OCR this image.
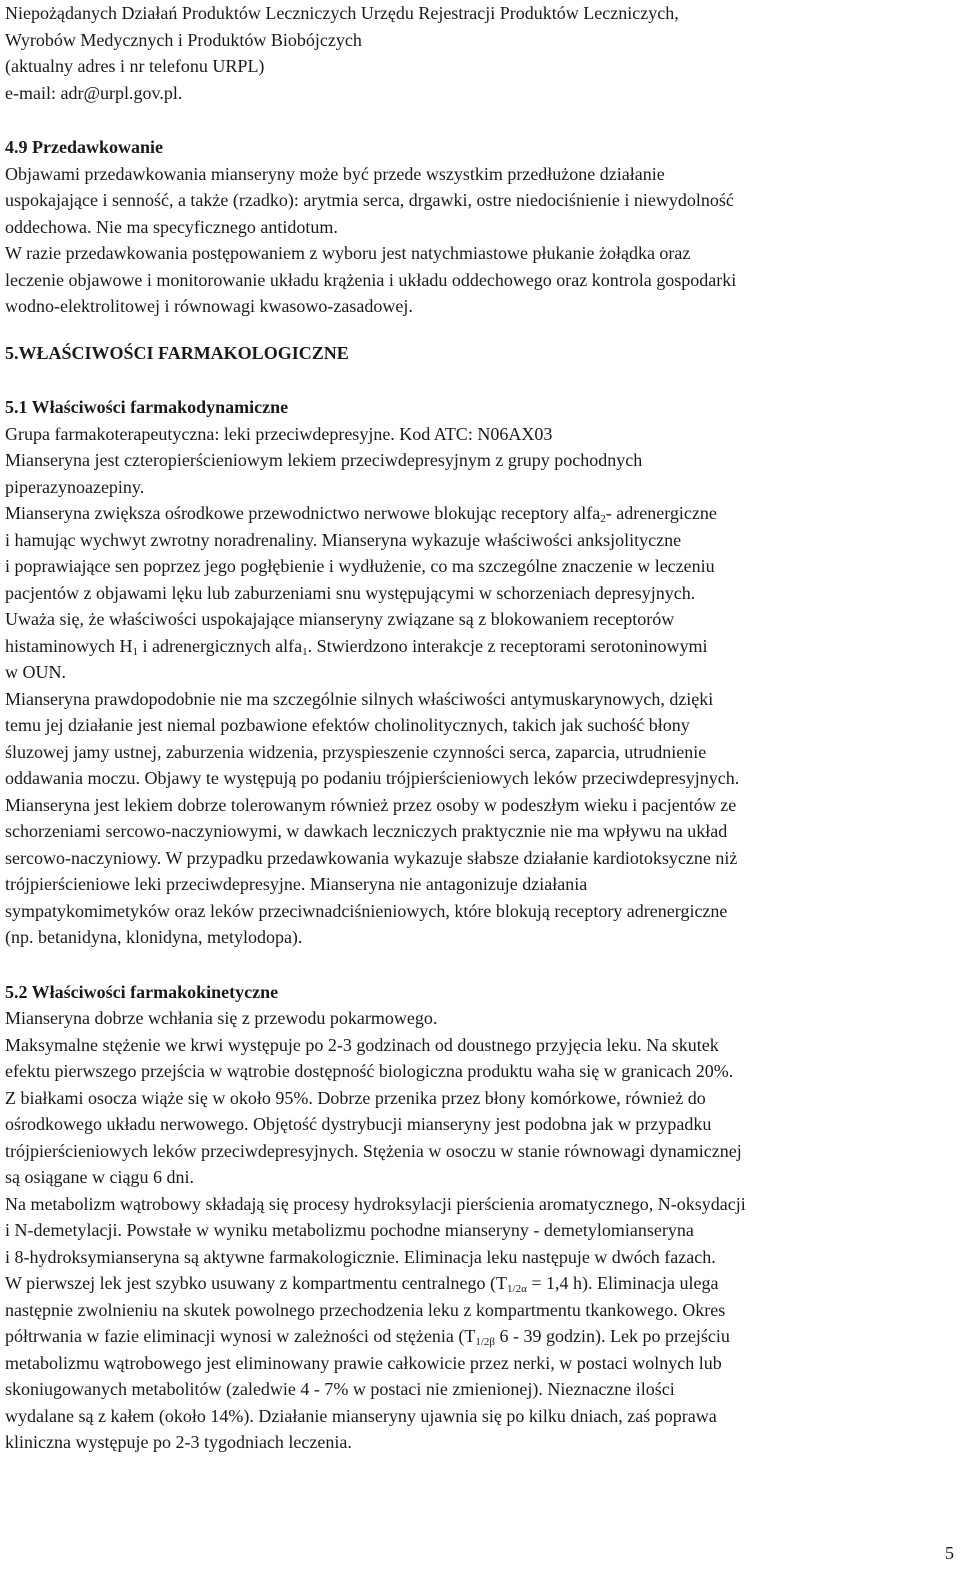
Niepożądanych Działań Produktów Leczniczych Urzędu Rejestracji Produktów Leczniczych,
Wyrobów Medycznych i Produktów Biobójczych
(aktualny adres i nr telefonu URPL)
e-mail: adr@urpl.gov.pl.
4.9 Przedawkowanie
Objawami przedawkowania mianseryny może być przede wszystkim przedłużone działanie
uspokajające i senność, a także (rzadko): arytmia serca, drgawki, ostre niedociśnienie i niewydolność
oddechowa. Nie ma specyficznego antidotum.
W razie przedawkowania postępowaniem z wyboru jest natychmiastowe płukanie żołądka oraz
leczenie objawowe i monitorowanie układu krążenia i układu oddechowego oraz kontrola gospodarki
wodno-elektrolitowej i równowagi kwasowo-zasadowej.
5.WŁAŚCIWOŚCI FARMAKOLOGICZNE
5.1 Właściwości farmakodynamiczne
Grupa farmakoterapeutyczna: leki przeciwdepresyjne. Kod ATC: N06AX03
Mianseryna jest czteropierścieniowym lekiem przeciwdepresyjnym z grupy pochodnych
piperazynoazepiny.
Mianseryna zwiększa ośrodkowe przewodnictwo nerwowe blokując receptory alfa$_2$- adrenergiczne
i hamując wychwyt zwrotny noradrenaliny. Mianseryna wykazuje właściwości anksjolityczne
i poprawiające sen poprzez jego pogłębienie i wydłużenie, co ma szczególne znaczenie w leczeniu
pacjentów z objawami lęku lub zaburzeniami snu występującymi w schorzeniach depresyjnych.
Uważa się, że właściwości uspokajające mianseryny związane są z blokowaniem receptorów
histaminowych $H_1$ i adrenergicznych alfa$_1$. Stwierdzono interakcje z receptorami serotoninowymi
w OUN.
Mianseryna prawdopodobnie nie ma szczególnie silnych właściwości antymuskarynowych, dzięki
temu jej działanie jest niemal pozbawione efektów cholinolitycznych, takich jak suchość błony
śluzowej jamy ustnej, zaburzenia widzenia, przyspieszenie czynności serca, zaparcia, utrudnienie
oddawania moczu. Objawy te występują po podaniu trójpierścieniowych leków przeciwdepresyjnych.
Mianseryna jest lekiem dobrze tolerowanym również przez osoby w podeszłym wieku i pacjentów ze
schorzeniami sercowo-naczyniowymi, w dawkach leczniczych praktycznie nie ma wpływu na układ
sercowo-naczyniowy. W przypadku przedawkowania wykazuje słabsze działanie kardiotoksyczne niż
trójpierścieniowe leki przeciwdepresyjne. Mianseryna nie antagonizuje działania
sympatykomimetyków oraz leków przeciwnadciśnieniowych, które blokują receptory adrenergiczne
(np. betanidyna, klonidyna, metylodopa).
5.2 Właściwości farmakokinetyczne
Mianseryna dobrze wchłania się z przewodu pokarmowego.
Maksymalne stężenie we krwi występuje po 2-3 godzinach od doustnego przyjęcia leku. Na skutek
efektu pierwszego przejścia w wątrobie dostępność biologiczna produktu waha się w granicach 20%.
Z białkami osocza wiąże się w około 95%. Dobrze przenika przez błony komórkowe, również do
ośrodkowego układu nerwowego. Objętość dystrybucji mianseryny jest podobna jak w przypadku
trójpierścieniowych leków przeciwdepresyjnych. Stężenia w osoczu w stanie równowagi dynamicznej
są osiągane w ciągu 6 dni.
Na metabolizm wątrobowy składają się procesy hydroksylacji pierścienia aromatycznego, N-oksydacji
i N-demetylacji. Powstałe w wyniku metabolizmu pochodne mianseryny - demetylomianseryna
i 8-hydroksymianseryna są aktywne farmakologicznie. Eliminacja leku następuje w dwóch fazach.
W pierwszej lek jest szybko usuwany z kompartmentu centralnego ($T_{1/2\alpha} = 1,4$ h). Eliminacja ulega
następnie zwolnieniu na skutek powolnego przechodzenia leku z kompartmentu tkankowego. Okres
półtrwania w fazie eliminacji wynosi w zależności od stężenia ($T_{1/2\beta}$ 6 - 39 godzin). Lek po przejściu
metabolizmu wątrobowego jest eliminowany prawie całkowicie przez nerki, w postaci wolnych lub
skoniugowanych metabolitów (zaledwie 4 - 7% w postaci nie zmienionej). Nieznaczne ilości
wydalane są z kałem (około 14%). Działanie mianseryny ujawnia się po kilku dniach, zaś poprawa
kliniczna występuje po 2-3 tygodniach leczenia.
5
